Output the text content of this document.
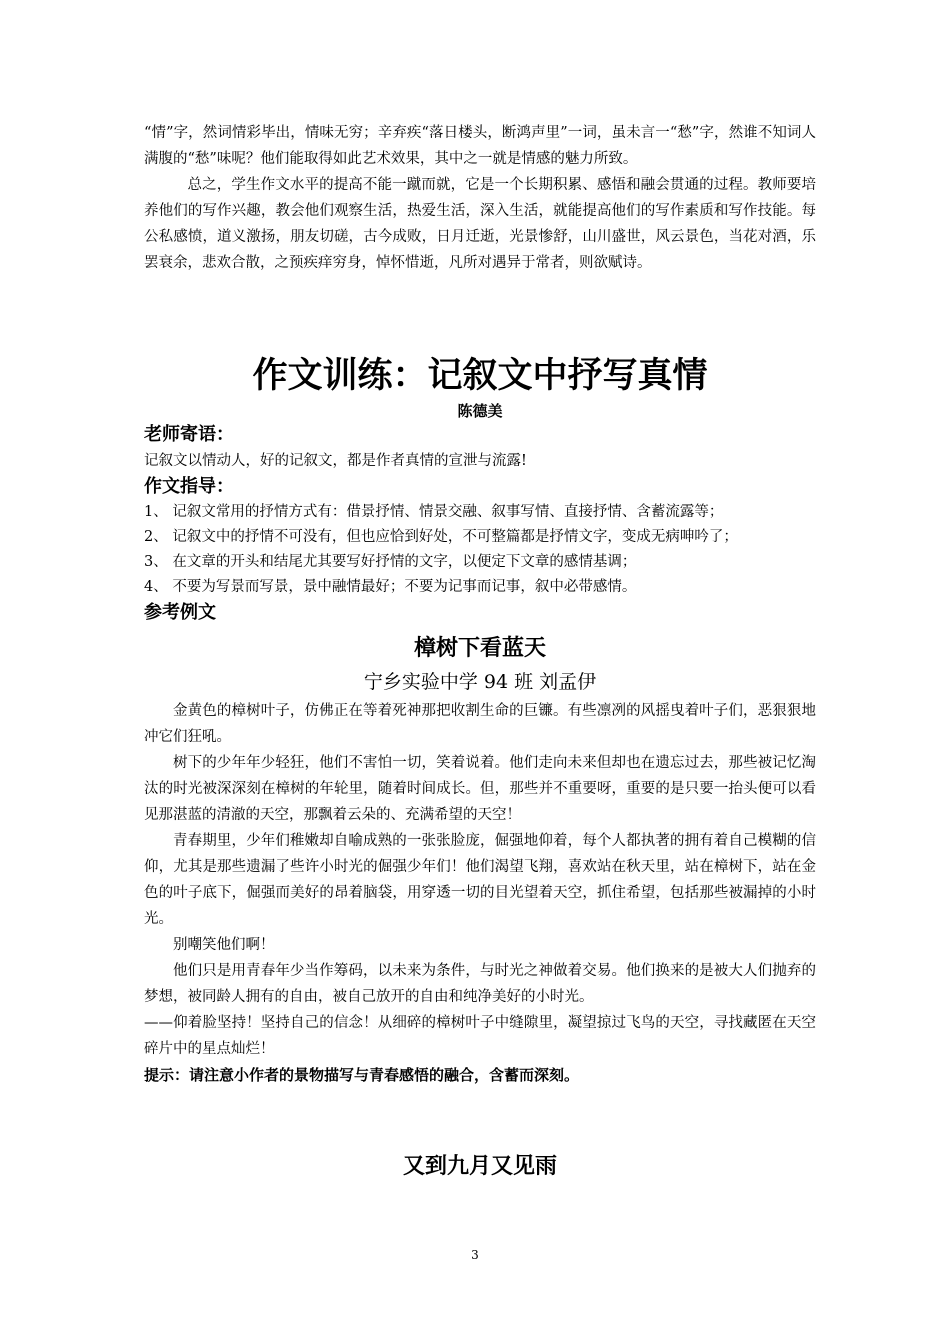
“情”字，然词情彩毕出，情味无穷；辛弃疾“落日楼头，断鸿声里”一词，虽未言一“愁”字，然谁不知词人满腹的“愁”味呢？他们能取得如此艺术效果，其中之一就是情感的魅力所致。

总之，学生作文水平的提高不能一蹴而就，它是一个长期积累、感悟和融会贯通的过程。教师要培养他们的写作兴趣，教会他们观察生活，热爱生活，深入生活，就能提高他们的写作素质和写作技能。每公私感愤，道义激扬，朋友切磋，古今成败，日月迁逝，光景惨舒，山川盛世，风云景色，当花对酒，乐罢衰余，悲欢合散，之预疾痒穷身，悼怀惜逝，凡所对遇异于常者，则欲赋诗。

作文训练：记叙文中抒写真情

陈德美

老师寄语：

记叙文以情动人，好的记叙文，都是作者真情的宣泄与流露!

作文指导：

1、 记叙文常用的抒情方式有：借景抒情、情景交融、叙事写情、直接抒情、含蓄流露等；

2、 记叙文中的抒情不可没有，但也应恰到好处，不可整篇都是抒情文字，变成无病呻吟了；

3、 在文章的开头和结尾尤其要写好抒情的文字，以便定下文章的感情基调；

4、 不要为写景而写景，景中融情最好；不要为记事而记事，叙中必带感情。

参考例文
樟树下看蓝天

宁乡实验中学 94 班 刘孟伊

金黄色的樟树叶子，仿佛正在等着死神那把收割生命的巨镰。有些凛冽的风摇曳着叶子们，恶狠狠地冲它们狂吼。

树下的少年年少轻狂，他们不害怕一切，笑着说着。他们走向未来但却也在遗忘过去，那些被记忆淘汰的时光被深深刻在樟树的年轮里，随着时间成长。但，那些并不重要呀，重要的是只要一抬头便可以看见那湛蓝的清澈的天空，那飘着云朵的、充满希望的天空！

青春期里，少年们稚嫩却自喻成熟的一张张脸庞，倔强地仰着，每个人都执著的拥有着自己模糊的信仰，尤其是那些遗漏了些许小时光的倔强少年们！他们渴望飞翔，喜欢站在秋天里，站在樟树下，站在金色的叶子底下，倔强而美好的昂着脑袋，用穿透一切的目光望着天空，抓住希望，包括那些被漏掉的小时光。

别嘲笑他们啊！

他们只是用青春年少当作筹码，以未来为条件，与时光之神做着交易。他们换来的是被大人们抛弃的梦想，被同龄人拥有的自由，被自己放开的自由和纯净美好的小时光。

——仰着脸坚持！坚持自己的信念！从细碎的樟树叶子中缝隙里，凝望掠过飞鸟的天空，寻找藏匿在天空碎片中的星点灿烂！

提示：请注意小作者的景物描写与青春感悟的融合，含蓄而深刻。

又到九月又见雨
3
